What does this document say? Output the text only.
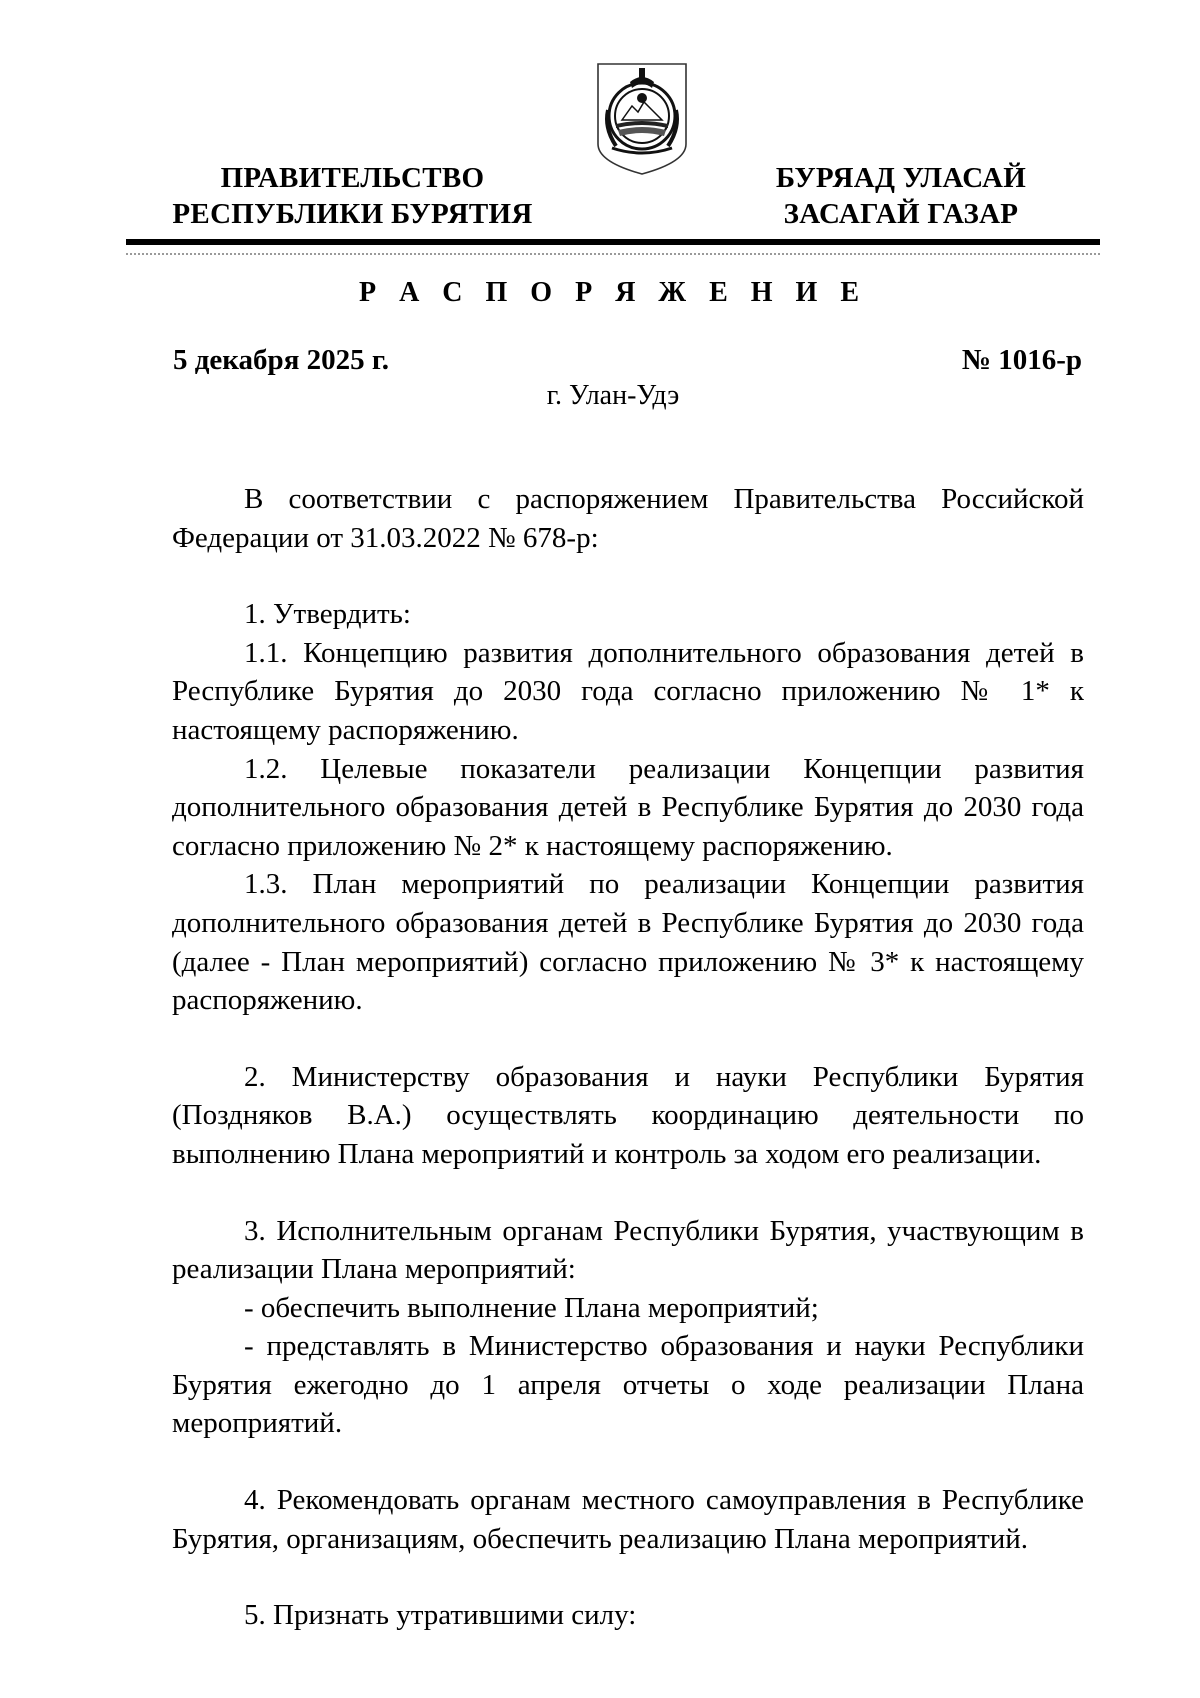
ПРАВИТЕЛЬСТВО
РЕСПУБЛИКИ БУРЯТИЯ
БУРЯАД УЛАСАЙ
ЗАСАГАЙ ГАЗАР
Р А С П О Р Я Ж Е Н И Е
5 декабря 2025 г.	№ 1016-р
г. Улан-Удэ

В соответствии с распоряжением Правительства Российской Федерации от 31.03.2022 № 678-р:

1. Утвердить:

1.1. Концепцию развития дополнительного образования детей в Республике Бурятия до 2030 года согласно приложению № 1* к настоящему распоряжению.

1.2. Целевые показатели реализации Концепции развития дополнительного образования детей в Республике Бурятия до 2030 года согласно приложению № 2* к настоящему распоряжению.

1.3. План мероприятий по реализации Концепции развития дополнительного образования детей в Республике Бурятия до 2030 года (далее - План мероприятий) согласно приложению № 3* к настоящему распоряжению.

2. Министерству образования и науки Республики Бурятия (Поздняков В.А.) осуществлять координацию деятельности по выполнению Плана мероприятий и контроль за ходом его реализации.

3. Исполнительным органам Республики Бурятия, участвующим в реализации Плана мероприятий:

- обеспечить выполнение Плана мероприятий;

- представлять в Министерство образования и науки Республики Бурятия ежегодно до 1 апреля отчеты о ходе реализации Плана мероприятий.

4. Рекомендовать органам местного самоуправления в Республике Бурятия, организациям, обеспечить реализацию Плана мероприятий.

5. Признать утратившими силу:
